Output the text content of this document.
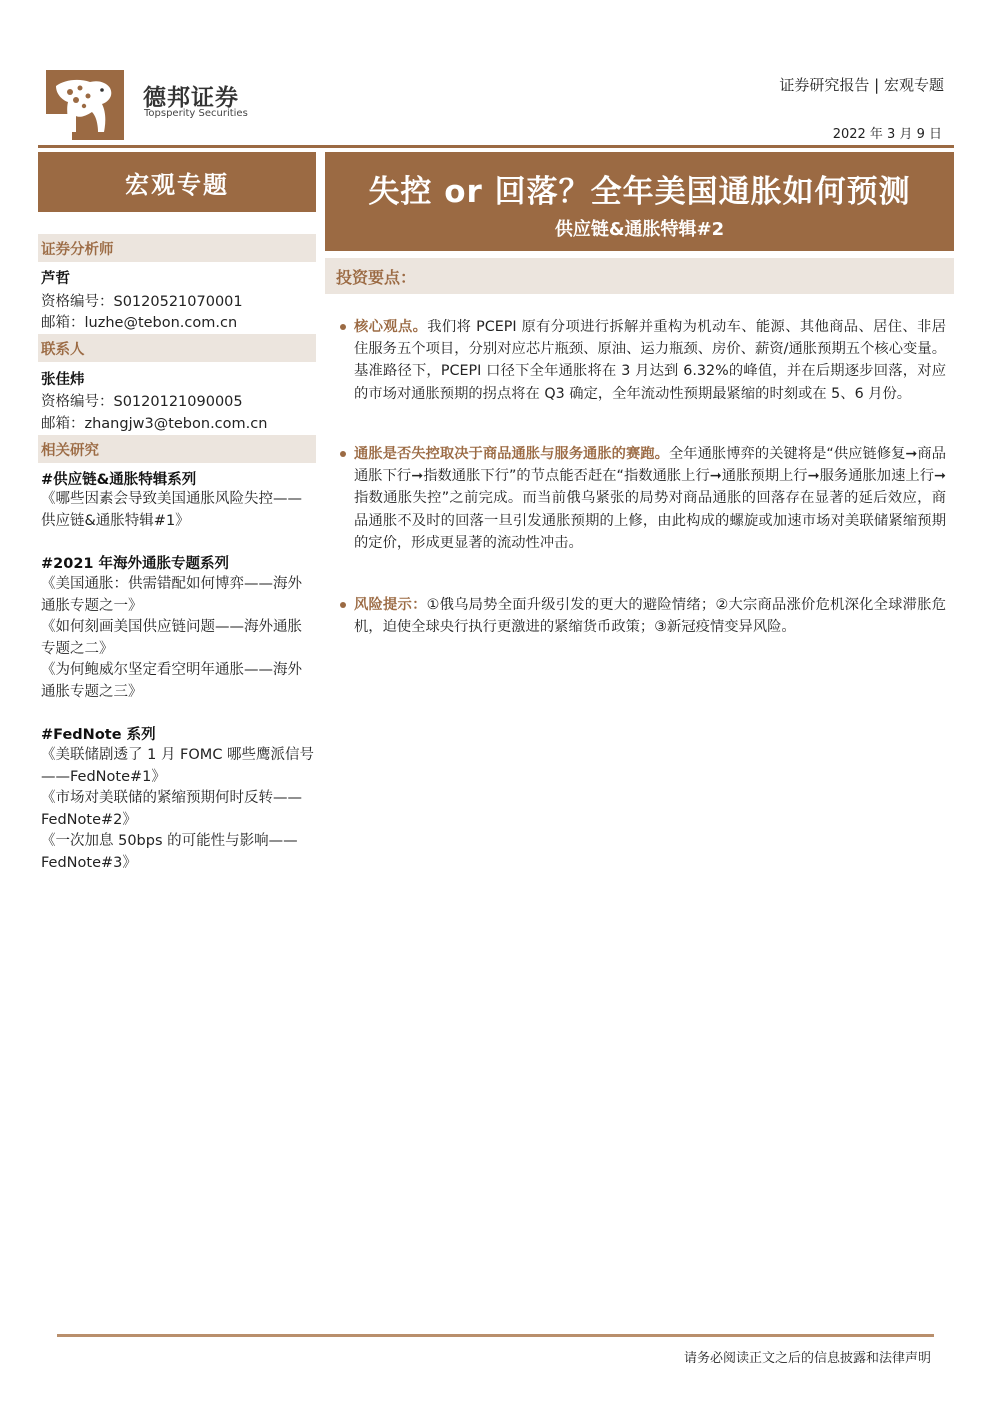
德邦证券
Topsperity Securities
证券研究报告 | 宏观专题
2022 年 3 月 9 日
宏观专题
证券分析师
芦哲
资格编号：S0120521070001
邮箱：luzhe@tebon.com.cn
联系人
张佳炜
资格编号：S0120121090005
邮箱：zhangjw3@tebon.com.cn
相关研究
#供应链&通胀特辑系列
《哪些因素会导致美国通胀风险失控——供应链&通胀特辑#1》
#2021 年海外通胀专题系列
《美国通胀：供需错配如何博弈——海外通胀专题之一》
《如何刻画美国供应链问题——海外通胀专题之二》
《为何鲍威尔坚定看空明年通胀——海外通胀专题之三》
#FedNote 系列
《美联储剧透了 1 月 FOMC 哪些鹰派信号——FedNote#1》
《市场对美联储的紧缩预期何时反转——FedNote#2》
《一次加息 50bps 的可能性与影响——FedNote#3》
失控 or 回落？全年美国通胀如何预测
供应链&通胀特辑#2
投资要点：
核心观点。我们将 PCEPI 原有分项进行拆解并重构为机动车、能源、其他商品、居住、非居住服务五个项目，分别对应芯片瓶颈、原油、运力瓶颈、房价、薪资/通胀预期五个核心变量。基准路径下，PCEPI 口径下全年通胀将在 3 月达到 6.32%的峰值，并在后期逐步回落，对应的市场对通胀预期的拐点将在 Q3 确定，全年流动性预期最紧缩的时刻或在 5、6 月份。
通胀是否失控取决于商品通胀与服务通胀的赛跑。全年通胀博弈的关键将是“供应链修复➞商品通胀下行➞指数通胀下行”的节点能否赶在“指数通胀上行➞通胀预期上行➞服务通胀加速上行➞指数通胀失控”之前完成。而当前俄乌紧张的局势对商品通胀的回落存在显著的延后效应，商品通胀不及时的回落一旦引发通胀预期的上修，由此构成的螺旋或加速市场对美联储紧缩预期的定价，形成更显著的流动性冲击。
风险提示：①俄乌局势全面升级引发的更大的避险情绪；②大宗商品涨价危机深化全球滞胀危机，迫使全球央行执行更激进的紧缩货币政策；③新冠疫情变异风险。
请务必阅读正文之后的信息披露和法律声明
